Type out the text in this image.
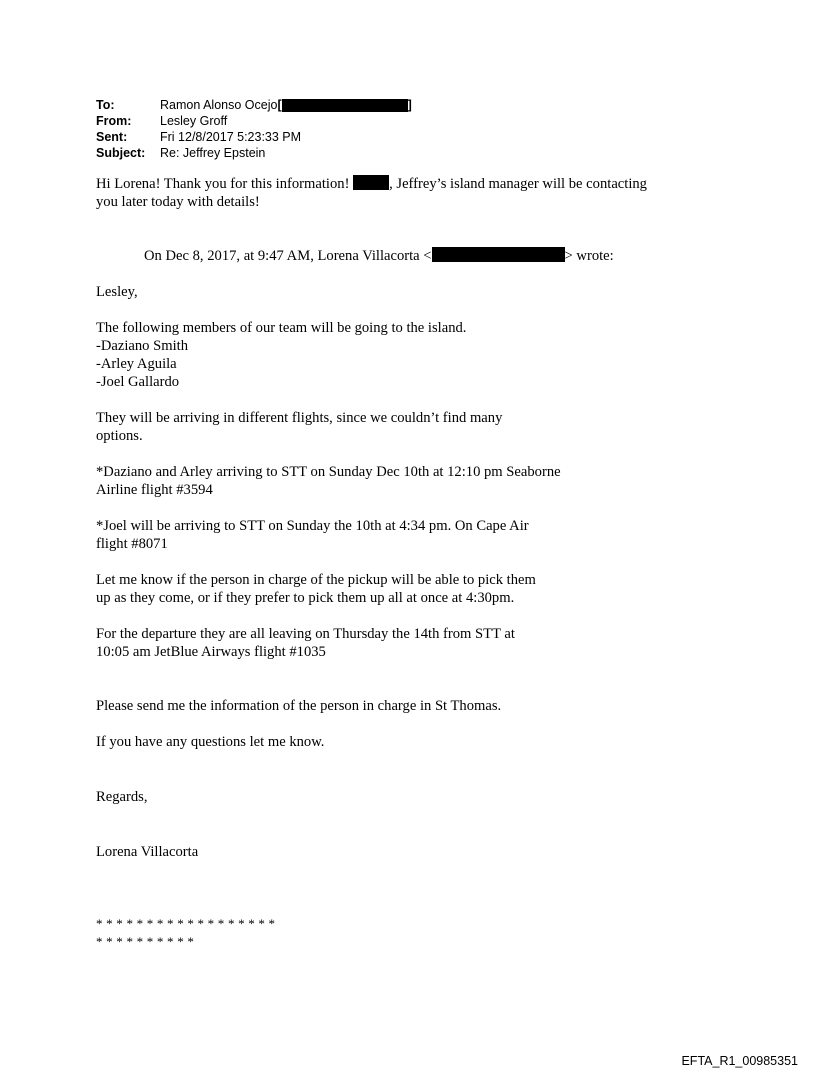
To:	Ramon Alonso Ocejo [	]
From:	Lesley Groff
Sent:	Fri 12/8/2017 5:23:33 PM
Subject:	Re: Jeffrey Epstein

Hi Lorena! Thank you for this information! , Jeffrey’s island manager will be contacting

you later today with details!

On Dec 8, 2017, at 9:47 AM, Lorena Villacorta <	> wrote:

Lesley,

The following members of our team will be going to the island.

-Daziano Smith

-Arley Aguila

-Joel Gallardo

They will be arriving in different flights, since we couldn’t find many

options.

*Daziano and Arley arriving to STT on Sunday Dec 10th at 12:10 pm Seaborne

Airline flight #3594

*Joel will be arriving to STT on Sunday the 10th at 4:34 pm. On Cape Air

flight #8071

Let me know if the person in charge of the pickup will be able to pick them

up as they come, or if they prefer to pick them up all at once at 4:30pm.

For the departure they are all leaving on Thursday the 14th from STT at

10:05 am JetBlue Airways flight #1035

Please send me the information of the person in charge in St Thomas.

If you have any questions let me know.

Regards,

Lorena Villacorta

* * * * * * * * * * * * * * * * * *

* * * * * * * * * *

EFTA_R1_00985351
